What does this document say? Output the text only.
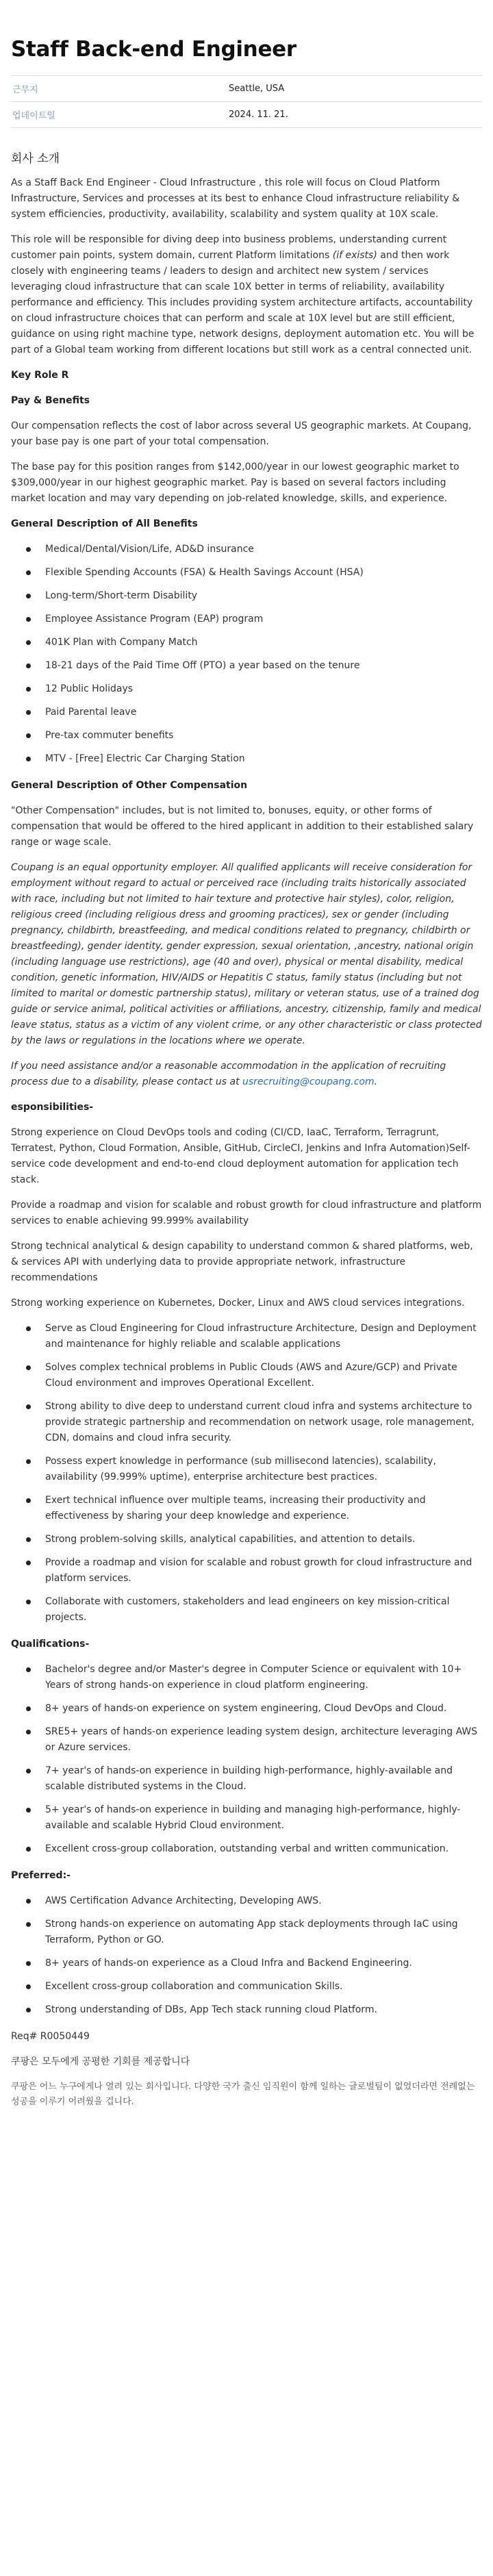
Staff Back-end Engineer
근무지	Seattle, USA
업데이트일	2024. 11. 21.
회사 소개

As a Staff Back End Engineer - Cloud Infrastructure , this role will focus on Cloud Platform Infrastructure, Services and processes at its best to enhance Cloud infrastructure reliability & system efficiencies, productivity, availability, scalability and system quality at 10X scale.

This role will be responsible for diving deep into business problems, understanding current customer pain points, system domain, current Platform limitations (if exists) and then work closely with engineering teams / leaders to design and architect new system / services leveraging cloud infrastructure that can scale 10X better in terms of reliability, availability performance and efficiency. This includes providing system architecture artifacts, accountability on cloud infrastructure choices that can perform and scale at 10X level but are still efficient, guidance on using right machine type, network designs, deployment automation etc. You will be part of a Global team working from different locations but still work as a central connected unit.

Key Role R

Pay & Benefits

Our compensation reflects the cost of labor across several US geographic markets. At Coupang, your base pay is one part of your total compensation.

The base pay for this position ranges from $142,000/year in our lowest geographic market to $309,000/year in our highest geographic market. Pay is based on several factors including market location and may vary depending on job-related knowledge, skills, and experience.

General Description of All Benefits

Medical/Dental/Vision/Life, AD&D insurance
Flexible Spending Accounts (FSA) & Health Savings Account (HSA)
Long-term/Short-term Disability
Employee Assistance Program (EAP) program
401K Plan with Company Match
18-21 days of the Paid Time Off (PTO) a year based on the tenure
12 Public Holidays
Paid Parental leave
Pre-tax commuter benefits
MTV - [Free] Electric Car Charging Station

General Description of Other Compensation

"Other Compensation" includes, but is not limited to, bonuses, equity, or other forms of compensation that would be offered to the hired applicant in addition to their established salary range or wage scale.

Coupang is an equal opportunity employer. All qualified applicants will receive consideration for employment without regard to actual or perceived race (including traits historically associated with race, including but not limited to hair texture and protective hair styles), color, religion, religious creed (including religious dress and grooming practices), sex or gender (including pregnancy, childbirth, breastfeeding, and medical conditions related to pregnancy, childbirth or breastfeeding), gender identity, gender expression, sexual orientation, ,ancestry, national origin (including language use restrictions), age (40 and over), physical or mental disability, medical condition, genetic information, HIV/AIDS or Hepatitis C status, family status (including but not limited to marital or domestic partnership status), military or veteran status, use of a trained dog guide or service animal, political activities or affiliations, ancestry, citizenship, family and medical leave status, status as a victim of any violent crime, or any other characteristic or class protected by the laws or regulations in the locations where we operate.

If you need assistance and/or a reasonable accommodation in the application of recruiting process due to a disability, please contact us at usrecruiting@coupang.com.

esponsibilities-

Strong experience on Cloud DevOps tools and coding (CI/CD, IaaC, Terraform, Terragrunt, Terratest, Python, Cloud Formation, Ansible, GitHub, CircleCI, Jenkins and Infra Automation)Self-service code development and end-to-end cloud deployment automation for application tech stack.

Provide a roadmap and vision for scalable and robust growth for cloud infrastructure and platform services to enable achieving 99.999% availability

Strong technical analytical & design capability to understand common & shared platforms, web, & services API with underlying data to provide appropriate network, infrastructure recommendations

Strong working experience on Kubernetes, Docker, Linux and AWS cloud services integrations.

Serve as Cloud Engineering for Cloud infrastructure Architecture, Design and Deployment and maintenance for highly reliable and scalable applications
Solves complex technical problems in Public Clouds (AWS and Azure/GCP) and Private Cloud environment and improves Operational Excellent.
Strong ability to dive deep to understand current cloud infra and systems architecture to provide strategic partnership and recommendation on network usage, role management, CDN, domains and cloud infra security.
Possess expert knowledge in performance (sub millisecond latencies), scalability, availability (99.999% uptime), enterprise architecture best practices.
Exert technical influence over multiple teams, increasing their productivity and effectiveness by sharing your deep knowledge and experience.
Strong problem-solving skills, analytical capabilities, and attention to details.
Provide a roadmap and vision for scalable and robust growth for cloud infrastructure and platform services.
Collaborate with customers, stakeholders and lead engineers on key mission-critical projects.

Qualifications-

Bachelor's degree and/or Master's degree in Computer Science or equivalent with 10+ Years of strong hands-on experience in cloud platform engineering.
8+ years of hands-on experience on system engineering, Cloud DevOps and Cloud.
SRE5+ years of hands-on experience leading system design, architecture leveraging AWS or Azure services.
7+ year's of hands-on experience in building high-performance, highly-available and scalable distributed systems in the Cloud.
5+ year's of hands-on experience in building and managing high-performance, highly-available and scalable Hybrid Cloud environment.
Excellent cross-group collaboration, outstanding verbal and written communication.

Preferred:-

AWS Certification Advance Architecting, Developing AWS.
Strong hands-on experience on automating App stack deployments through IaC using Terraform, Python or GO.
8+ years of hands-on experience as a Cloud Infra and Backend Engineering.
Excellent cross-group collaboration and communication Skills.
Strong understanding of DBs, App Tech stack running cloud Platform.

Req# R0050449

쿠팡은 모두에게 공평한 기회를 제공합니다

쿠팡은 어느 누구에게나 열려 있는 회사입니다. 다양한 국가 출신 임직원이 함께 일하는 글로벌팀이 없었더라면 전례없는 성공을 이루기 어려웠을 겁니다.
